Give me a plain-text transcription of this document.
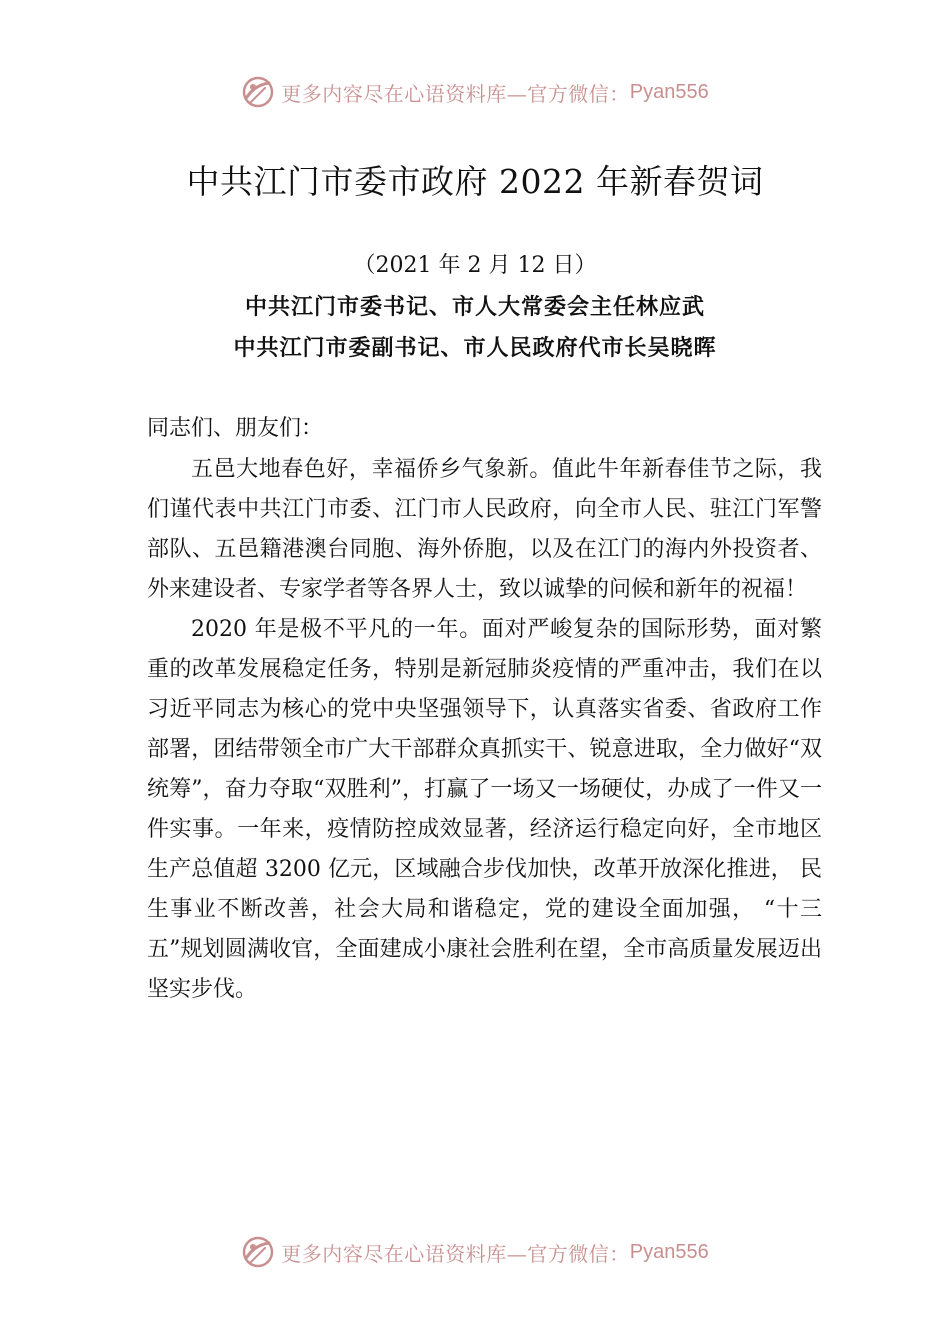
更多内容尽在心语资料库—官方微信： Pyan556
中共江门市委市政府 2022 年新春贺词

（2021 年 2 月 12 日）

中共江门市委书记、市人大常委会主任林应武

中共江门市委副书记、市人民政府代市长吴晓晖

同志们、朋友们：

五邑大地春色好，幸福侨乡气象新。值此牛年新春佳节之际，我们谨代表中共江门市委、江门市人民政府，向全市人民、驻江门军警部队、五邑籍港澳台同胞、海外侨胞，以及在江门的海内外投资者、外来建设者、专家学者等各界人士，致以诚挚的问候和新年的祝福！

2020 年是极不平凡的一年。面对严峻复杂的国际形势，面对繁重的改革发展稳定任务，特别是新冠肺炎疫情的严重冲击，我们在以习近平同志为核心的党中央坚强领导下，认真落实省委、省政府工作部署，团结带领全市广大干部群众真抓实干、锐意进取，全力做好“双统筹”，奋力夺取“双胜利”，打赢了一场又一场硬仗，办成了一件又一件实事。一年来，疫情防控成效显著，经济运行稳定向好，全市地区生产总值超 3200 亿元，区域融合步伐加快，改革开放深化推进， 民生事业不断改善，社会大局和谐稳定，党的建设全面加强， “十三五”规划圆满收官，全面建成小康社会胜利在望，全市高质量发展迈出坚实步伐。

更多内容尽在心语资料库—官方微信： Pyan556
